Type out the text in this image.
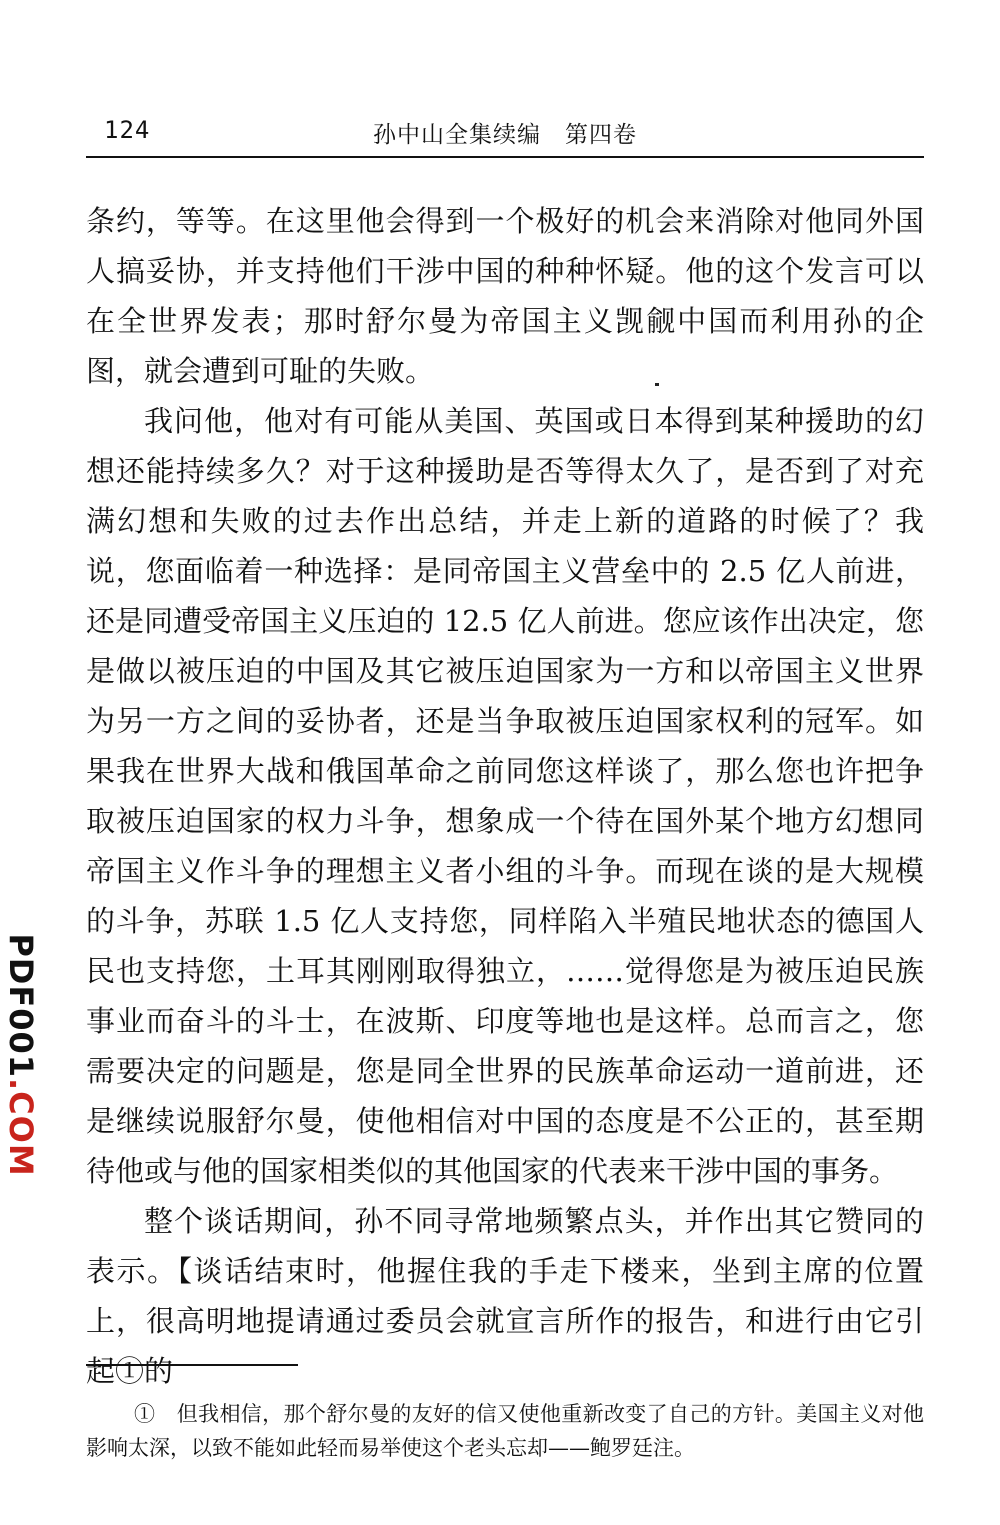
124	孙中山全集续编　第四卷

条约，等等。在这里他会得到一个极好的机会来消除对他同外国人搞妥协，并支持他们干涉中国的种种怀疑。他的这个发言可以在全世界发表；那时舒尔曼为帝国主义觊觎中国而利用孙的企图，就会遭到可耻的失败。

我问他，他对有可能从美国、英国或日本得到某种援助的幻想还能持续多久？对于这种援助是否等得太久了，是否到了对充满幻想和失败的过去作出总结，并走上新的道路的时候了？我说，您面临着一种选择：是同帝国主义营垒中的 2.5 亿人前进，还是同遭受帝国主义压迫的 12.5 亿人前进。您应该作出决定，您是做以被压迫的中国及其它被压迫国家为一方和以帝国主义世界为另一方之间的妥协者，还是当争取被压迫国家权利的冠军。如果我在世界大战和俄国革命之前同您这样谈了，那么您也许把争取被压迫国家的权力斗争，想象成一个待在国外某个地方幻想同帝国主义作斗争的理想主义者小组的斗争。而现在谈的是大规模的斗争，苏联 1.5 亿人支持您，同样陷入半殖民地状态的德国人民也支持您，土耳其刚刚取得独立，……觉得您是为被压迫民族事业而奋斗的斗士，在波斯、印度等地也是这样。总而言之，您需要决定的问题是，您是同全世界的民族革命运动一道前进，还是继续说服舒尔曼，使他相信对中国的态度是不公正的，甚至期待他或与他的国家相类似的其他国家的代表来干涉中国的事务。

整个谈话期间，孙不同寻常地频繁点头，并作出其它赞同的表示。【谈话结束时，他握住我的手走下楼来，坐到主席的位置上，很高明地提请通过委员会就宣言所作的报告，和进行由它引起①的

①　但我相信，那个舒尔曼的友好的信又使他重新改变了自己的方针。美国主义对他影响太深，以致不能如此轻而易举使这个老头忘却——鲍罗廷注。
PDF001.COM
